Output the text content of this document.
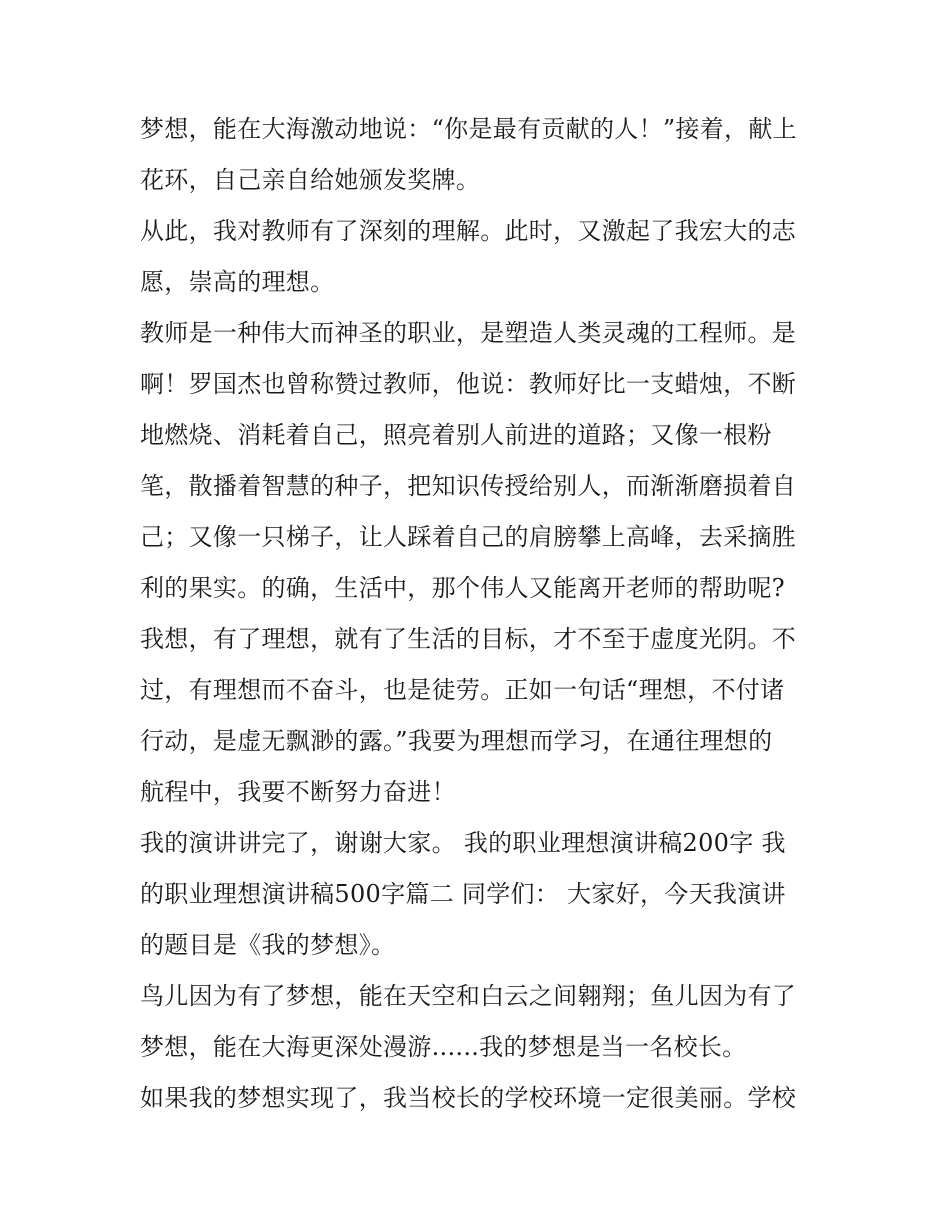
梦想，能在大海激动地说：“你是最有贡献的人！”接着，献上
花环，自己亲自给她颁发奖牌。
从此，我对教师有了深刻的理解。此时，又激起了我宏大的志
愿，崇高的理想。
教师是一种伟大而神圣的职业，是塑造人类灵魂的工程师。是
啊！罗国杰也曾称赞过教师，他说：教师好比一支蜡烛，不断
地燃烧、消耗着自己，照亮着别人前进的道路；又像一根粉
笔，散播着智慧的种子，把知识传授给别人，而渐渐磨损着自
己；又像一只梯子，让人踩着自己的肩膀攀上高峰，去采摘胜
利的果实。的确，生活中，那个伟人又能离开老师的帮助呢?
我想，有了理想，就有了生活的目标，才不至于虚度光阴。不
过，有理想而不奋斗，也是徒劳。正如一句话“理想，不付诸
行动，是虚无飘渺的露。”我要为理想而学习，在通往理想的
航程中，我要不断努力奋进！
我的演讲讲完了，谢谢大家。 我的职业理想演讲稿200字 我
的职业理想演讲稿500字篇二 同学们： 大家好，今天我演讲
的题目是《我的梦想》。
鸟儿因为有了梦想，能在天空和白云之间翱翔；鱼儿因为有了
梦想，能在大海更深处漫游......我的梦想是当一名校长。
如果我的梦想实现了，我当校长的学校环境一定很美丽。学校
